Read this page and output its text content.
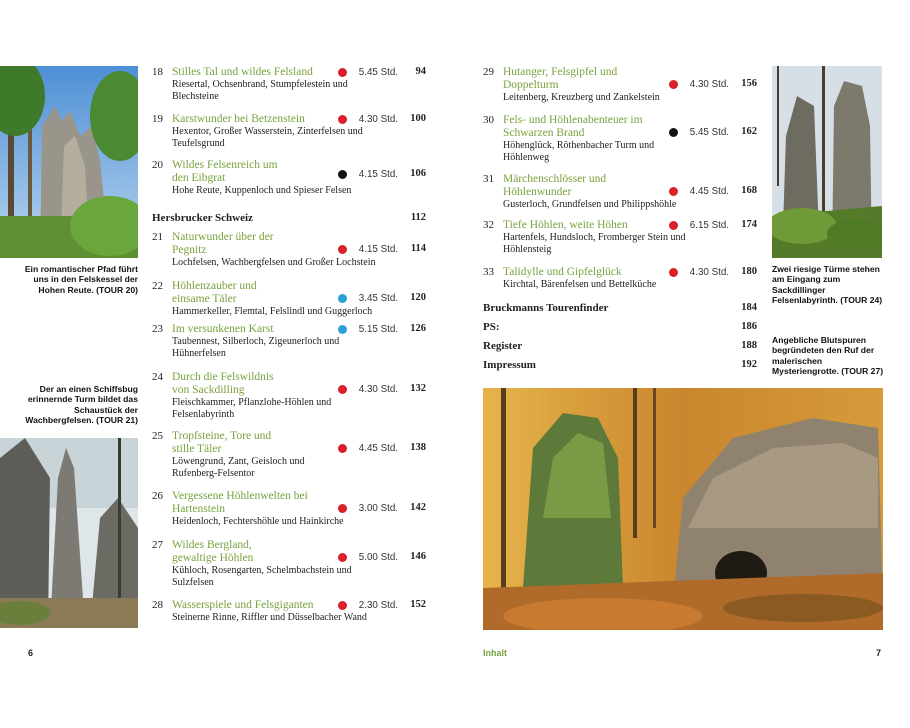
Ein romantischer Pfad führt uns in den Felskessel der Hohen Reute. (TOUR 20)
Der an einen Schiffsbug erinnernde Turm bildet das Schaustück der Wachbergfelsen. (TOUR 21)
18 Stilles Tal und wildes Felsland
Riesertal, Ochsenbrand, Stumpfelestein und Blechsteine
5.45 Std.	94
19 Karstwunder bei Betzenstein
Hexentor, Großer Wasserstein, Zinterfelsen und Teufelsgrund
4.30 Std.	100
20 Wildes Felsenreich um den Eibgrat
Hohe Reute, Kuppenloch und Spieser Felsen
4.15 Std.	106
Hersbrucker Schweiz	112
21 Naturwunder über der Pegnitz
Lochfelsen, Wachbergfelsen und Großer Lochstein
4.15 Std.	114
22 Höhlenzauber und einsame Täler
Hammerkeller, Flemtal, Felslindl und Guggerloch
3.45 Std.	120
23 Im versunkenen Karst
Taubennest, Silberloch, Zigeunerloch und Hühnerfelsen
5.15 Std.	126
24 Durch die Felswildnis von Sackdilling
Fleischkammer, Pflanzlohe-Höhlen und Felsenlabyrinth
4.30 Std.	132
25 Tropfsteine, Tore und stille Täler
Löwengrund, Zant, Geisloch und Rufenberg-Felsentor
4.45 Std.	138
26 Vergessene Höhlenwelten bei Hartenstein
Heidenloch, Fechtershöhle und Hainkirche
3.00 Std.	142
27 Wildes Bergland, gewaltige Höhlen
Kühloch, Rosengarten, Schelmbachstein und Sulzfelsen
5.00 Std.	146
28 Wasserspiele und Felsgiganten
Steinerne Rinne, Riffler und Düsselbacher Wand
2.30 Std.	152
6
29 Hutanger, Felsgipfel und Doppelturm
Leitenberg, Kreuzberg und Zankelstein
4.30 Std.	156
30 Fels- und Höhlenabenteuer im Schwarzen Brand
Höhenglück, Röthenbacher Turm und Höhlenweg
5.45 Std.	162
31 Märchenschlösser und Höhlenwunder
Gusterloch, Grundfelsen und Philippshöhle
4.45 Std.	168
32 Tiefe Höhlen, weite Höhen
Hartenfels, Hundsloch, Fromberger Stein und Höhlensteig
6.15 Std.	174
33 Talidylle und Gipfelglück
Kirchtal, Bärenfelsen und Bettelküche
4.30 Std.	180
Bruckmanns Tourenfinder	184
PS:	186
Register	188
Impressum	192
Zwei riesige Türme stehen am Eingang zum Sackdillinger Felsenlabyrinth. (TOUR 24)
Angebliche Blutspuren begründeten den Ruf der malerischen Mysteriengrotte. (TOUR 27)
Inhalt	7
